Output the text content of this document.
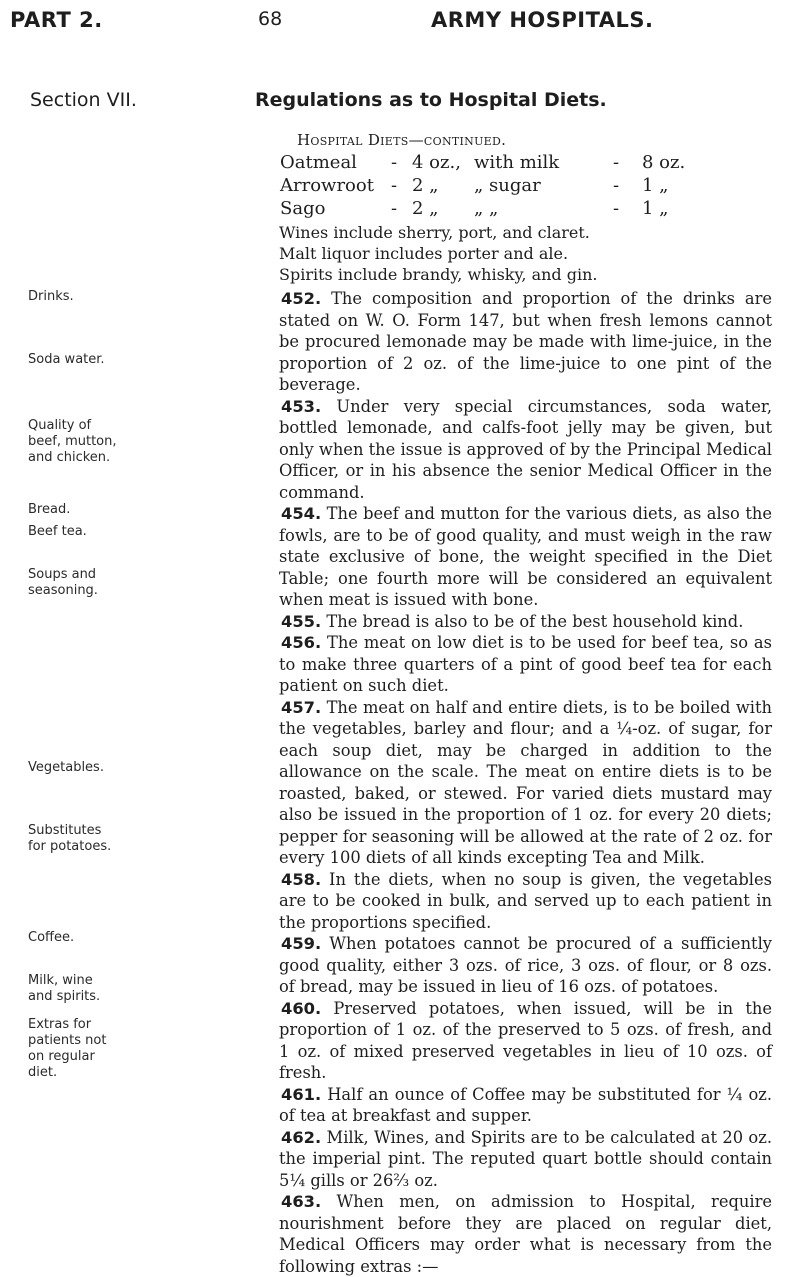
PART 2.	68	ARMY HOSPITALS.
Section VII.	Regulations as to Hospital Diets.
Hospital Diets—continued.
Oatmeal - 4 oz., with milk	- 8 oz.
Arrowroot - 2 „ „ sugar	- 1 „
Sago	- 2 „ „ „	- 1 „
Wines include sherry, port, and claret.
Malt liquor includes porter and ale.
Spirits include brandy, whisky, and gin.

452. The composition and proportion of the drinks are stated on W. O. Form 147, but when fresh lemons cannot be procured lemonade may be made with lime-juice, in the proportion of 2 oz. of the lime-juice to one pint of the beverage.

453. Under very special circumstances, soda water, bottled lemonade, and calfs-foot jelly may be given, but only when the issue is approved of by the Principal Medical Officer, or in his absence the senior Medical Officer in the command.

454. The beef and mutton for the various diets, as also the fowls, are to be of good quality, and must weigh in the raw state exclusive of bone, the weight specified in the Diet Table; one fourth more will be considered an equivalent when meat is issued with bone.

455. The bread is also to be of the best household kind.

456. The meat on low diet is to be used for beef tea, so as to make three quarters of a pint of good beef tea for each patient on such diet.

457. The meat on half and entire diets, is to be boiled with the vegetables, barley and flour; and a ¼-oz. of sugar, for each soup diet, may be charged in addition to the allowance on the scale. The meat on entire diets is to be roasted, baked, or stewed. For varied diets mustard may also be issued in the proportion of 1 oz. for every 20 diets; pepper for seasoning will be allowed at the rate of 2 oz. for every 100 diets of all kinds excepting Tea and Milk.

458. In the diets, when no soup is given, the vegetables are to be cooked in bulk, and served up to each patient in the proportions specified.

459. When potatoes cannot be procured of a sufficiently good quality, either 3 ozs. of rice, 3 ozs. of flour, or 8 ozs. of bread, may be issued in lieu of 16 ozs. of potatoes.

460. Preserved potatoes, when issued, will be in the proportion of 1 oz. of the preserved to 5 ozs. of fresh, and 1 oz. of mixed preserved vegetables in lieu of 10 ozs. of fresh.

461. Half an ounce of Coffee may be substituted for ¼ oz. of tea at breakfast and supper.

462. Milk, Wines, and Spirits are to be calculated at 20 oz. the imperial pint. The reputed quart bottle should contain 5¼ gills or 26⅔ oz.

463. When men, on admission to Hospital, require nourishment before they are placed on regular diet, Medical Officers may order what is necessary from the following extras :—

Drinks.
Soda water.
Quality of beef, mutton, and chicken.
Bread.
Beef tea.
Soups and seasoning.
Vegetables.
Substitutes for potatoes.
Coffee.
Milk, wine and spirits.
Extras for patients not on regular diet.
